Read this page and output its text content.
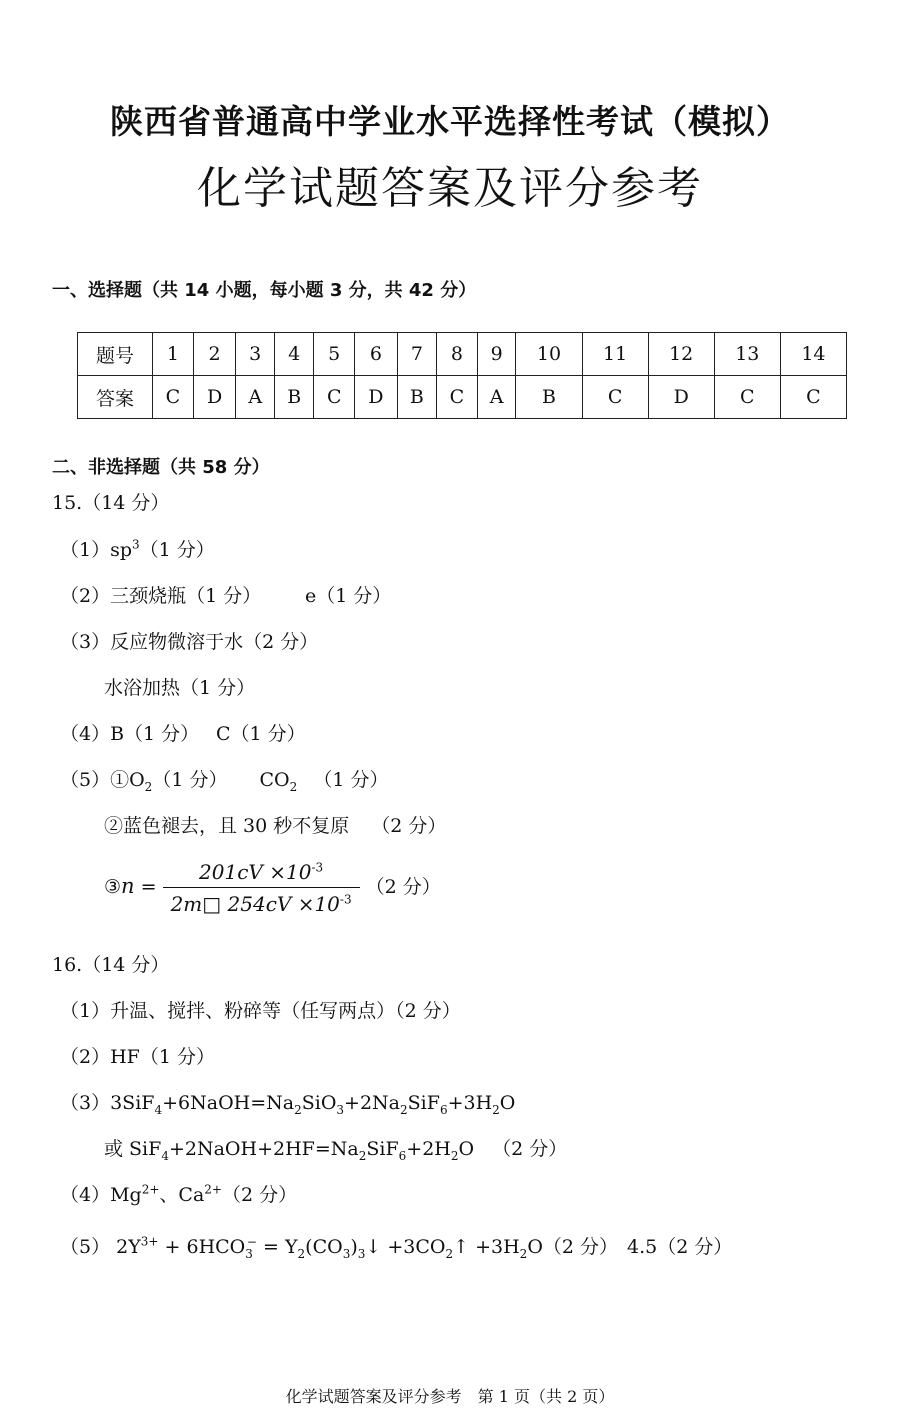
陕西省普通高中学业水平选择性考试（模拟）
化学试题答案及评分参考
一、选择题（共 14 小题，每小题 3 分，共 42 分）
题号	1	2	3	4	5	6	7	8	9	10	11	12	13	14
答案	C	D	A	B	C	D	B	C	A	B	C	D	C	C
二、非选择题（共 58 分）
15.（14 分）
$(1)sp^3(1$ 分）
（2）三颈烧瓶（1 分） e（1 分）
（3）反应物微溶于水（2 分）
水浴加热（1 分）
（4）B（1 分） C（1 分）
$(5)①O_2(1$ 分） $CO_2$ （1 分）
②蓝色褪去，且 30 秒不复原 （2 分）
③n = $\frac{201cV \times 10^{-3}}{2m□ 254cV \times 10^{-3}} (2$ 分）
16.（14 分）
（1）升温、搅拌、粉碎等（任写两点）（2 分）
（2）HF（1 分）
$(3)3SiF_4+6NaOH=Na_2SiO_3+2Na_2SiF_6+3H_2O$
或 $SiF_4+2NaOH+2HF=Na_2SiF_6+2H_2O$ （2 分）
$(4)Mg^{2+}$、$Ca^{2+}(2$ 分）
（5） $2Y^{3+} + 6HCO_3^-$ = $Y_2(CO_3)_3↓$ $+3CO_2↑ +3H_2O(2$ 分） 4.5（2 分）
化学试题答案及评分参考　第 1 页（共 2 页）
